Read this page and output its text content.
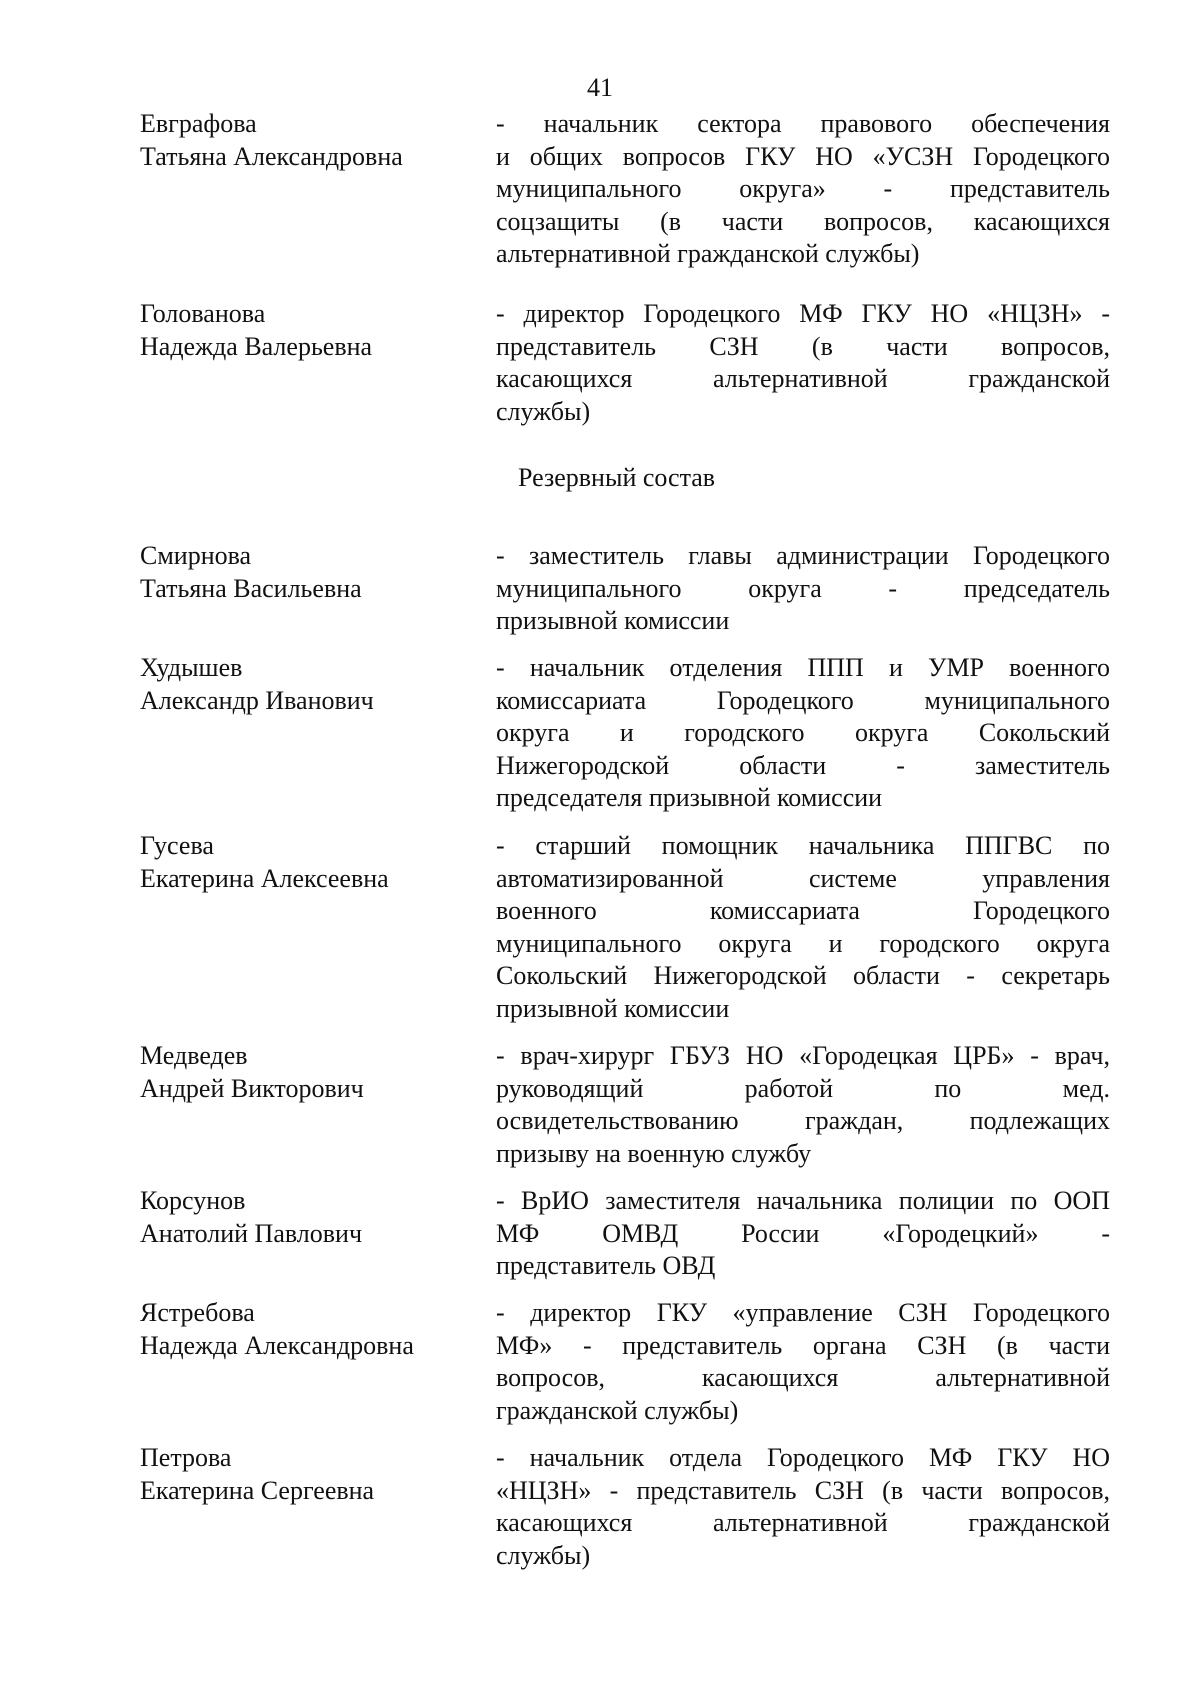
41
Евграфова
Татьяна Александровна
- начальник сектора правового обеспечения
и общих вопросов ГКУ НО «УСЗН Городецкого
муниципального округа» - представитель
соцзащиты (в части вопросов, касающихся
альтернативной гражданской службы)
Голованова
Надежда Валерьевна
- директор Городецкого МФ ГКУ НО «НЦЗН» -
представитель СЗН (в части вопросов,
касающихся альтернативной гражданской
службы)
Резервный состав
Смирнова
Татьяна Васильевна
- заместитель главы администрации Городецкого
муниципального округа - председатель
призывной комиссии
Худышев
Александр Иванович
- начальник отделения ППП и УМР военного
комиссариата Городецкого муниципального
округа и городского округа Сокольский
Нижегородской области - заместитель
председателя призывной комиссии
Гусева
Екатерина Алексеевна
- старший помощник начальника ППГВС по
автоматизированной системе управления
военного комиссариата Городецкого
муниципального округа и городского округа
Сокольский Нижегородской области - секретарь
призывной комиссии
Медведев
Андрей Викторович
- врач-хирург ГБУЗ НО «Городецкая ЦРБ» - врач,
руководящий работой по мед.
освидетельствованию граждан, подлежащих
призыву на военную службу
Корсунов
Анатолий Павлович
- ВрИО заместителя начальника полиции по ООП
МФ ОМВД России «Городецкий» -
представитель ОВД
Ястребова
Надежда Александровна
- директор ГКУ «управление СЗН Городецкого
МФ» - представитель органа СЗН (в части
вопросов, касающихся альтернативной
гражданской службы)
Петрова
Екатерина Сергеевна
- начальник отдела Городецкого МФ ГКУ НО
«НЦЗН» - представитель СЗН (в части вопросов,
касающихся альтернативной гражданской
службы)
